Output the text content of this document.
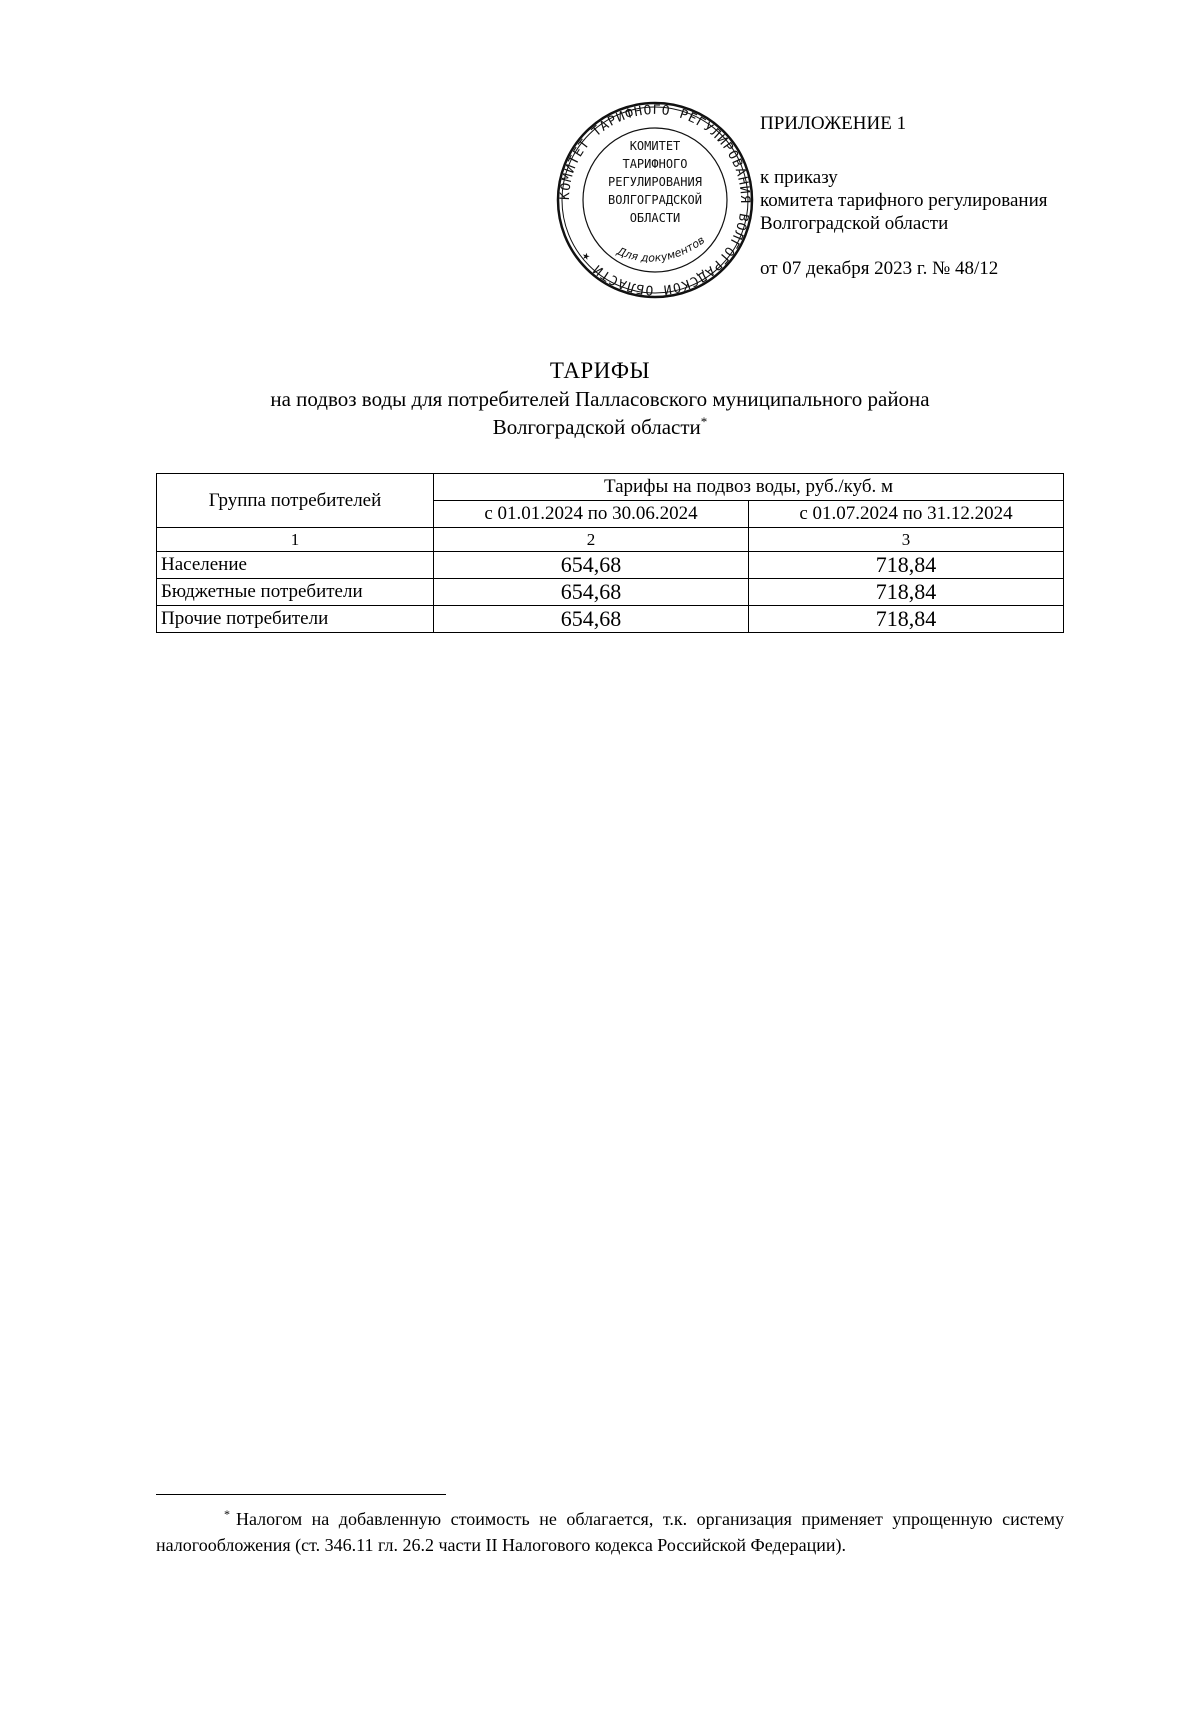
КОМИТЕТ ТАРИФНОГО РЕГУЛИРОВАНИЯ ВОЛГОГРАДСКОЙ ОБЛАСТИ ★
КОМИТЕТ
ТАРИФНОГО
РЕГУЛИРОВАНИЯ
ВОЛГОГРАДСКОЙ
ОБЛАСТИ
Для документов
ПРИЛОЖЕНИЕ 1
к приказу
комитета тарифного регулирования
Волгоградской области
от 07 декабря 2023 г. № 48/12
ТАРИФЫ
на подвоз воды для потребителей Палласовского муниципального района
Волгоградской области*
Группа потребителей	Тарифы на подвоз воды, руб./куб. м	
	с 01.01.2024 по 30.06.2024	с 01.07.2024 по 31.12.2024
1	2	3
Население	654,68	718,84
Бюджетные потребители	654,68	718,84
Прочие потребители	654,68	718,84
* Налогом на добавленную стоимость не облагается, т.к. организация применяет упрощенную систему налогообложения (ст. 346.11 гл. 26.2 части II Налогового кодекса Российской Федерации).
